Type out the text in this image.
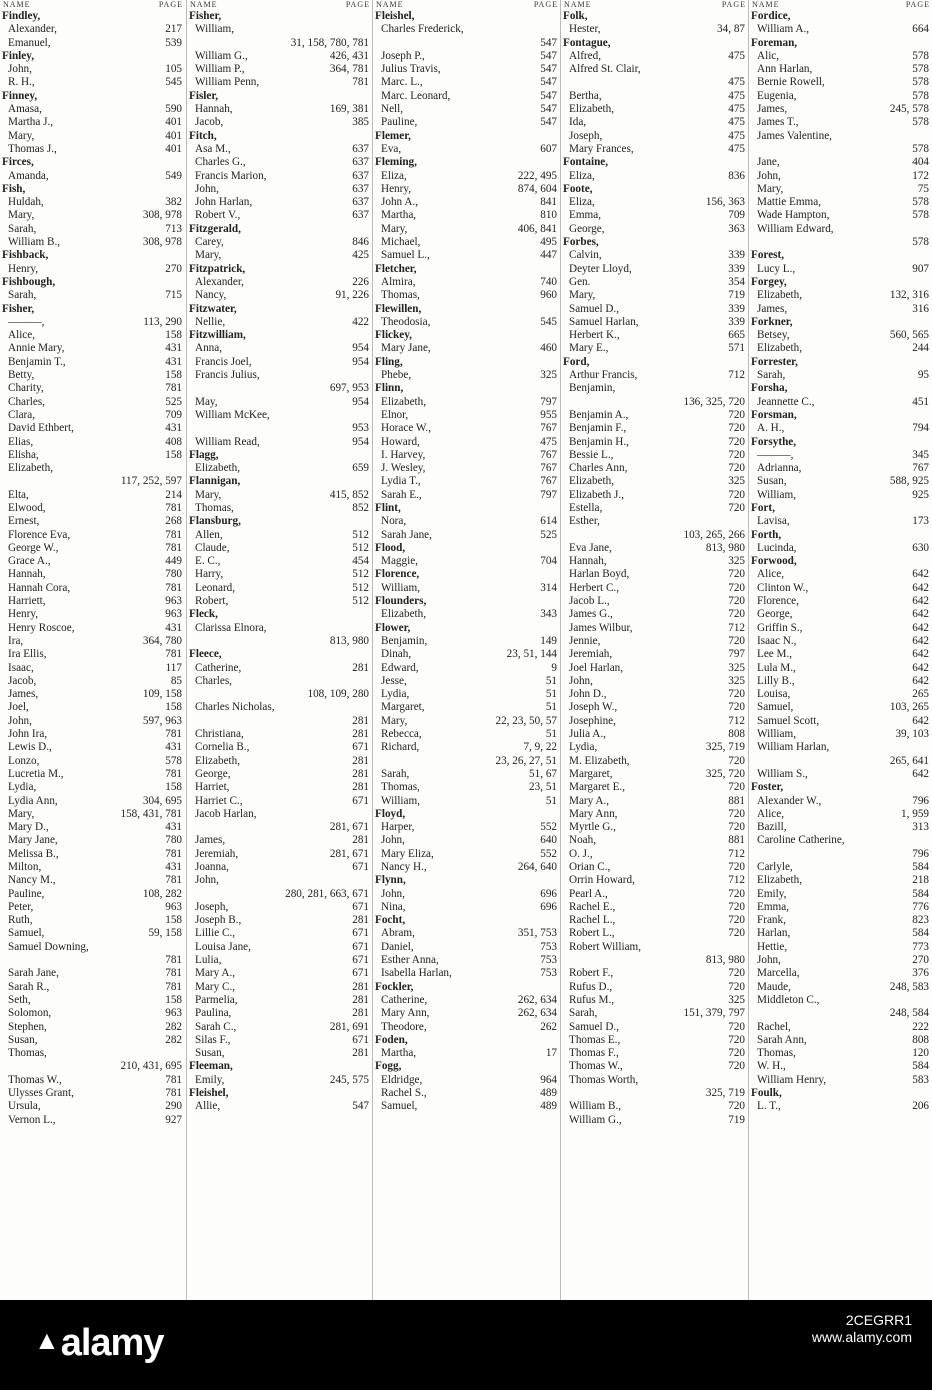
NAME	PAGE
Findley,
Alexander,	217
Emanuel,	539
Finley,
John,	105
R. H.,	545
Finney,
Amasa,	590
Martha J.,	401
Mary,	401
Thomas J.,	401
Firces,
Amanda,	549
Fish,
Huldah,	382
Mary,	308, 978
Sarah,	713
William B.,	308, 978
Fishback,
Henry,	270
Fishbough,
Sarah,	715
Fisher,
———,	113, 290
Alice,	158
Annie Mary,	431
Benjamin T.,	431
Betty,	158
Charity,	781
Charles,	525
Clara,	709
David Ethbert,	431
Elias,	408
Elisha,	158
Elizabeth,
117, 252, 597
Elta,	214
Elwood,	781
Ernest,	268
Florence Eva,	781
George W.,	781
Grace A.,	449
Hannah,	780
Hannah Cora,	781
Harriett,	963
Henry,	963
Henry Roscoe,	431
Ira,	364, 780
Ira Ellis,	781
Isaac,	117
Jacob,	85
James,	109, 158
Joel,	158
John,	597, 963
John Ira,	781
Lewis D.,	431
Lonzo,	578
Lucretia M.,	781
Lydia,	158
Lydia Ann,	304, 695
Mary,	158, 431, 781
Mary D.,	431
Mary Jane,	780
Melissa B.,	781
Milton,	431
Nancy M.,	781
Pauline,	108, 282
Peter,	963
Ruth,	158
Samuel,	59, 158
Samuel Downing,
781
Sarah Jane,	781
Sarah R.,	781
Seth,	158
Solomon,	963
Stephen,	282
Susan,	282
Thomas,
210, 431, 695
Thomas W.,	781
Ulysses Grant,	781
Ursula,	290
Vernon L.,	927
NAME	PAGE
Fisher,
William,
31, 158, 780, 781
William G.,	426, 431
William P.,	364, 781
William Penn,	781
Fisler,
Hannah,	169, 381
Jacob,	385
Fitch,
Asa M.,	637
Charles G.,	637
Francis Marion,	637
John,	637
John Harlan,	637
Robert V.,	637
Fitzgerald,
Carey,	846
Mary,	425
Fitzpatrick,
Alexander,	226
Nancy,	91, 226
Fitzwater,
Nellie,	422
Fitzwilliam,
Anna,	954
Francis Joel,	954
Francis Julius,
697, 953
May,	954
William McKee,
953
William Read,	954
Flagg,
Elizabeth,	659
Flannigan,
Mary,	415, 852
Thomas,	852
Flansburg,
Allen,	512
Claude,	512
E. C.,	454
Harry,	512
Leonard,	512
Robert,	512
Fleck,
Clarissa Elnora,
813, 980
Fleece,
Catherine,	281
Charles,
108, 109, 280
Charles Nicholas,
281
Christiana,	281
Cornelia B.,	671
Elizabeth,	281
George,	281
Harriet,	281
Harriet C.,	671
Jacob Harlan,
281, 671
James,	281
Jeremiah,	281, 671
Joanna,	671
John,
280, 281, 663, 671
Joseph,	671
Joseph B.,	281
Lillie C.,	671
Louisa Jane,	671
Lulia,	671
Mary A.,	671
Mary C.,	281
Parmelia,	281
Paulina,	281
Sarah C.,	281, 691
Silas F.,	671
Susan,	281
Fleeman,
Emily,	245, 575
Fleishel,
Allie,	547
NAME	PAGE
Fleishel,
Charles Frederick,
547
Joseph P.,	547
Julius Travis,	547
Marc. L.,	547
Marc. Leonard,	547
Nell,	547
Pauline,	547
Flemer,
Eva,	607
Fleming,
Eliza,	222, 495
Henry,	874, 604
John A.,	841
Martha,	810
Mary,	406, 841
Michael,	495
Samuel L.,	447
Fletcher,
Almira,	740
Thomas,	960
Flewillen,
Theodosia,	545
Flickey,
Mary Jane,	460
Fling,
Phebe,	325
Flinn,
Elizabeth,	797
Elnor,	955
Horace W.,	767
Howard,	475
I. Harvey,	767
J. Wesley,	767
Lydia T.,	767
Sarah E.,	797
Flint,
Nora,	614
Sarah Jane,	525
Flood,
Maggie,	704
Florence,
William,	314
Flounders,
Elizabeth,	343
Flower,
Benjamin,	149
Dinah,	23, 51, 144
Edward,	9
Jesse,	51
Lydia,	51
Margaret,	51
Mary,	22, 23, 50, 57
Rebecca,	51
Richard,	7, 9, 22
23, 26, 27, 51
Sarah,	51, 67
Thomas,	23, 51
William,	51
Floyd,
Harper,	552
John,	640
Mary Eliza,	552
Nancy H.,	264, 640
Flynn,
John,	696
Nina,	696
Focht,
Abram,	351, 753
Daniel,	753
Esther Anna,	753
Isabella Harlan,	753
Fockler,
Catherine,	262, 634
Mary Ann,	262, 634
Theodore,	262
Foden,
Martha,	17
Fogg,
Eldridge,	964
Rachel S.,	489
Samuel,	489
NAME	PAGE
Folk,
Hester,	34, 87
Fontague,
Alfred,	475
Alfred St. Clair,
475
Bertha,	475
Elizabeth,	475
Ida,	475
Joseph,	475
Mary Frances,	475
Fontaine,
Eliza,	836
Foote,
Eliza,	156, 363
Emma,	709
George,	363
Forbes,
Calvin,	339
Deyter Lloyd,	339
Gen.	354
Mary,	719
Samuel D.,	339
Samuel Harlan,	339
Herbert K.,	665
Mary E.,	571
Ford,
Arthur Francis,	712
Benjamin,
136, 325, 720
Benjamin A.,	720
Benjamin F.,	720
Benjamin H.,	720
Bessie L.,	720
Charles Ann,	720
Elizabeth,	325
Elizabeth J.,	720
Estella,	720
Esther,
103, 265, 266
Eva Jane,	813, 980
Hannah,	325
Harlan Boyd,	720
Herbert C.,	720
Jacob L.,	720
James G.,	720
James Wilbur,	712
Jennie,	720
Jeremiah,	797
Joel Harlan,	325
John,	325
John D.,	720
Joseph W.,	720
Josephine,	712
Julia A.,	808
Lydia,	325, 719
M. Elizabeth,	720
Margaret,	325, 720
Margaret E.,	720
Mary A.,	881
Mary Ann,	720
Myrtle G.,	720
Noah,	881
O. J.,	712
Orian C.,	720
Orrin Howard,	712
Pearl A.,	720
Rachel E.,	720
Rachel L.,	720
Robert L.,	720
Robert William,
813, 980
Robert F.,	720
Rufus D.,	720
Rufus M.,	325
Sarah,	151, 379, 797
Samuel D.,	720
Thomas E.,	720
Thomas F.,	720
Thomas W.,	720
Thomas Worth,
325, 719
William B.,	720
William G.,	719
NAME	PAGE
Fordice,
William A.,	664
Foreman,
Alic,	578
Ann Harlan,	578
Bernie Rowell,	578
Eugenia,	578
James,	245, 578
James T.,	578
James Valentine,
578
Jane,	404
John,	172
Mary,	75
Mattie Emma,	578
Wade Hampton,	578
William Edward,
578
Forest,
Lucy L.,	907
Forgey,
Elizabeth,	132, 316
James,	316
Forkner,
Betsey,	560, 565
Elizabeth,	244
Forrester,
Sarah,	95
Forsha,
Jeannette C.,	451
Forsman,
A. H.,	794
Forsythe,
———,	345
Adrianna,	767
Susan,	588, 925
William,	925
Fort,
Lavisa,	173
Forth,
Lucinda,	630
Forwood,
Alice,	642
Clinton W.,	642
Florence,	642
George,	642
Griffin S.,	642
Isaac N.,	642
Lee M.,	642
Lula M.,	642
Lilly B.,	642
Louisa,	265
Samuel,	103, 265
Samuel Scott,	642
William,	39, 103
William Harlan,
265, 641
William S.,	642
Foster,
Alexander W.,	796
Alice,	1, 959
Bazill,	313
Caroline Catherine,
796
Carlyle,	584
Elizabeth,	218
Emily,	584
Emma,	776
Frank,	823
Harlan,	584
Hettie,	773
John,	270
Marcella,	376
Maude,	248, 583
Middleton C.,
248, 584
Rachel,	222
Sarah Ann,	808
Thomas,	120
W. H.,	584
William Henry,	583
Foulk,
L. T.,	206
▲alamy
2CEGRR1
www.alamy.com
